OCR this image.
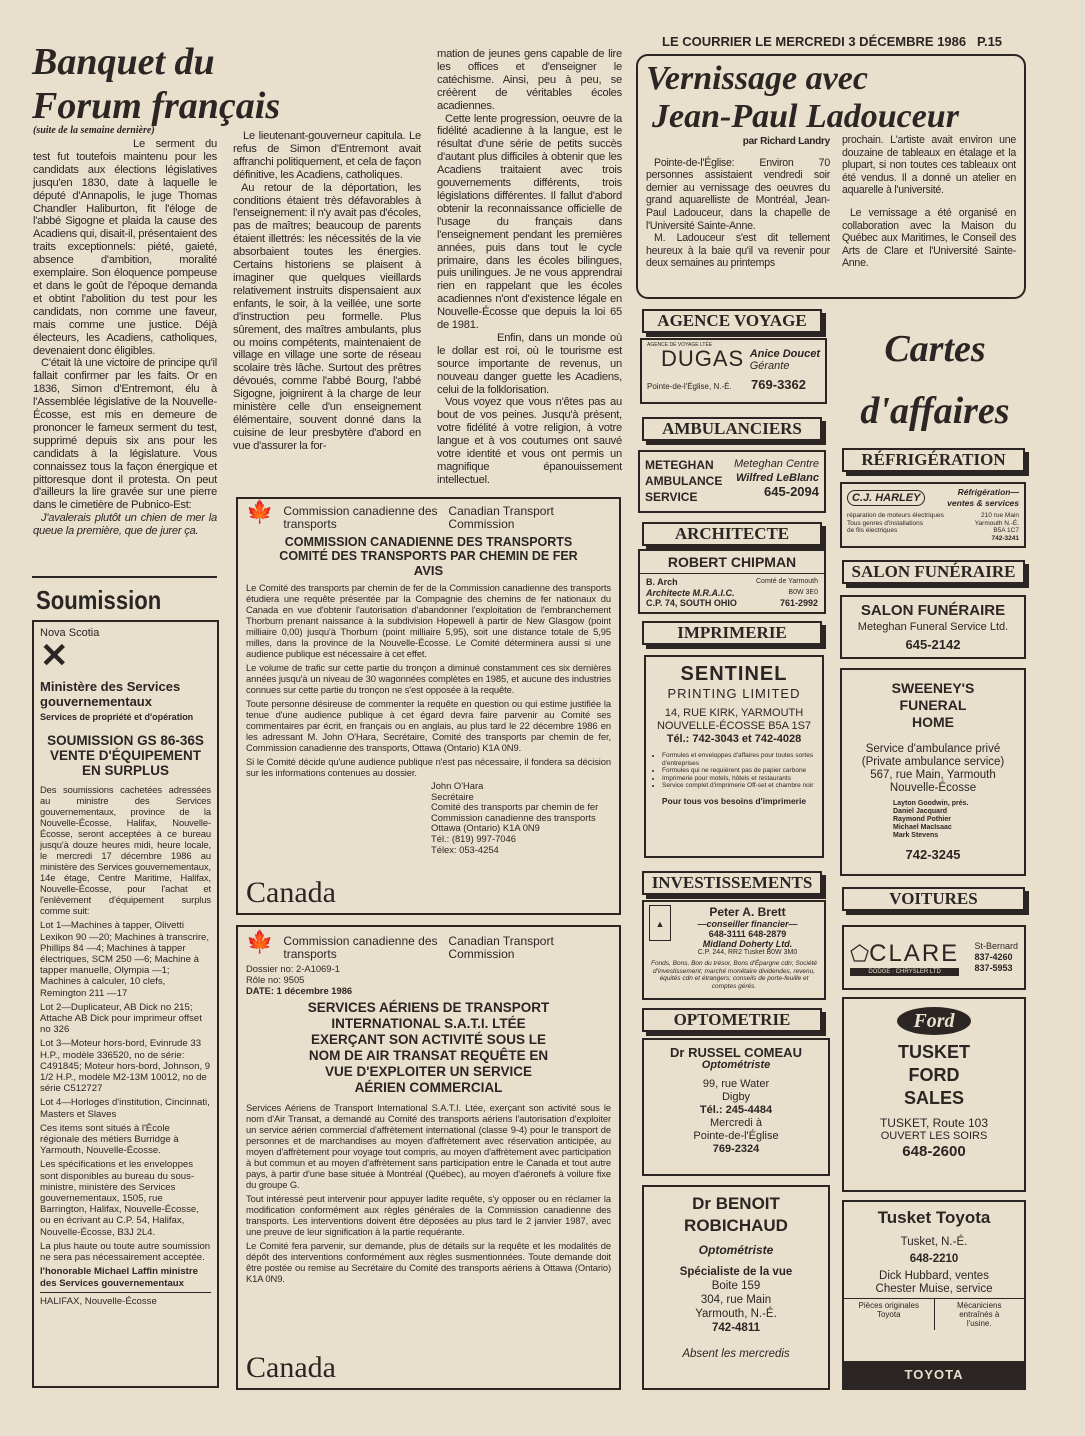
LE COURRIER LE MERCREDI 3 DÉCEMBRE 1986 P.15
Banquet du
Forum français
(suite de la semaine dernière)

Le serment du test fut toutefois maintenu pour les candidats aux élections législatives jusqu'en 1830, date à laquelle le député d'Annapolis, le juge Thomas Chandler Haliburton, fit l'éloge de l'abbé Sigogne et plaida la cause des Acadiens qui, disait-il, présentaient des traits exceptionnels: piété, gaieté, absence d'ambition, moralité exemplaire. Son éloquence pompeuse et dans le goût de l'époque demanda et obtint l'abolition du test pour les candidats, non comme une faveur, mais comme une justice. Déjà électeurs, les Acadiens, catholiques, devenaient donc éligibles.

C'était là une victoire de principe qu'il fallait confirmer par les faits. Or en 1836, Simon d'Entremont, élu à l'Assemblée législative de la Nouvelle-Écosse, est mis en demeure de prononcer le fameux serment du test, supprimé depuis six ans pour les candidats à la législature. Vous connaissez tous la façon énergique et pittoresque dont il protesta. On peut d'ailleurs la lire gravée sur une pierre dans le cimetière de Pubnico-Est:

J'avalerais plutôt un chien de mer la queue la première, que de jurer ça.

Le lieutenant-gouverneur capitula. Le refus de Simon d'Entremont avait affranchi politiquement, et cela de façon définitive, les Acadiens, catholiques.

Au retour de la déportation, les conditions étaient très défavorables à l'enseignement: il n'y avait pas d'écoles, pas de maîtres; beaucoup de parents étaient illettrés: les nécessités de la vie absorbaient toutes les énergies. Certains historiens se plaisent à imaginer que quelques vieillards relativement instruits dispensaient aux enfants, le soir, à la veillée, une sorte d'instruction peu formelle. Plus sûrement, des maîtres ambulants, plus ou moins compétents, maintenaient de village en village une sorte de réseau scolaire très lâche. Surtout des prêtres dévoués, comme l'abbé Bourg, l'abbé Sigogne, joignirent à la charge de leur ministère celle d'un enseignement élémentaire, souvent donné dans la cuisine de leur presbytère d'abord en vue d'assurer la for-

mation de jeunes gens capable de lire les offices et d'enseigner le catéchisme. Ainsi, peu à peu, se créèrent de véritables écoles acadiennes.

Cette lente progression, oeuvre de la fidélité acadienne à la langue, est le résultat d'une série de petits succès d'autant plus difficiles à obtenir que les Acadiens traitaient avec trois gouvernements différents, trois législations différentes. Il fallut d'abord obtenir la reconnaissance officielle de l'usage du français dans l'enseignement pendant les premières années, puis dans tout le cycle primaire, dans les écoles bilingues, puis unilingues. Je ne vous apprendrai rien en rappelant que les écoles acadiennes n'ont d'existence légale en Nouvelle-Écosse que depuis la loi 65 de 1981.

Enfin, dans un monde où le dollar est roi, où le tourisme est source importante de revenus, un nouveau danger guette les Acadiens, celui de la folklorisation.

Vous voyez que vous n'êtes pas au bout de vos peines. Jusqu'à présent, votre fidélité à votre religion, à votre langue et à vos coutumes ont sauvé votre identité et vous ont permis un magnifique épanouissement intellectuel.

Soumission
Nova Scotia
✕
Ministère des Services gouvernementaux
Services de propriété et d'opération
SOUMISSION GS 86-36S VENTE D'ÉQUIPEMENT EN SURPLUS
Des soumissions cachetées adressées au ministre des Services gouvernementaux, province de la Nouvelle-Écosse, Halifax, Nouvelle-Écosse, seront acceptées à ce bureau jusqu'à douze heures midi, heure locale, le mercredi 17 décembre 1986 au ministère des Services gouvernementaux, 14e étage, Centre Maritime, Halifax, Nouvelle-Écosse, pour l'achat et l'enlèvement d'équipement surplus comme suit:
Lot 1—Machines à tapper, Olivetti Lexikon 90 —20; Machines à transcrire, Phillips 84 —4; Machines à tapper électriques, SCM 250 —6; Machine à tapper manuelle, Olympia —1; Machines à calculer, 10 clefs, Remington 211 —17
Lot 2—Duplicateur, AB Dick no 215; Attache AB Dick pour imprimeur offset no 326
Lot 3—Moteur hors-bord, Evinrude 33 H.P., modèle 336520, no de série: C491845; Moteur hors-bord, Johnson, 9 1/2 H.P., modèle M2-13M 10012, no de série C512727
Lot 4—Horloges d'institution, Cincinnati, Masters et Slaves
Ces items sont situés à l'École régionale des métiers Burridge à Yarmouth, Nouvelle-Écosse.
Les spécifications et les enveloppes sont disponibles au bureau du sous-ministre, ministère des Services gouvernementaux, 1505, rue Barrington, Halifax, Nouvelle-Écosse, ou en écrivant au C.P. 54, Halifax, Nouvelle-Écosse, B3J 2L4.
La plus haute ou toute autre soumission ne sera pas nécessairement acceptée.
l'honorable Michael Laffin ministre des Services gouvernementaux
HALIFAX, Nouvelle-Écosse
🍁 Commission canadienne des transports
Canadian Transport Commission
COMMISSION CANADIENNE DES TRANSPORTS COMITÉ DES TRANSPORTS PAR CHEMIN DE FER
AVIS

Le Comité des transports par chemin de fer de la Commission canadienne des transports étudiera une requête présentée par la Compagnie des chemins de fer nationaux du Canada en vue d'obtenir l'autorisation d'abandonner l'exploitation de l'embranchement Thorburn prenant naissance à la subdivision Hopewell à partir de New Glasgow (point milliaire 0,00) jusqu'à Thorburn (point milliaire 5,95), soit une distance totale de 5,95 milles, dans la province de la Nouvelle-Écosse. Le Comité déterminera aussi si une audience publique est nécessaire à cet effet.

Le volume de trafic sur cette partie du tronçon a diminué constamment ces six dernières années jusqu'à un niveau de 30 wagonnées complètes en 1985, et aucune des industries connues sur cette partie du tronçon ne s'est opposée à la requête.

Toute personne désireuse de commenter la requête en question ou qui estime justifiée la tenue d'une audience publique à cet égard devra faire parvenir au Comité ses commentaires par écrit, en français ou en anglais, au plus tard le 22 décembre 1986 en les adressant M. John O'Hara, Secrétaire, Comité des transports par chemin de fer, Commission canadienne des transports, Ottawa (Ontario) K1A 0N9.

Si le Comité décide qu'une audience publique n'est pas nécessaire, il fondera sa décision sur les informations contenues au dossier.

John O'Hara
Secrétaire
Comité des transports par chemin de fer
Commission canadienne des transports
Ottawa (Ontario) K1A 0N9
Tél.: (819) 997-7046
Télex: 053-4254
Canada
🍁 Commission canadienne des transports
Canadian Transport Commission
Dossier no: 2-A1069-1
Rôle no: 9505
DATE: 1 décembre 1986
SERVICES AÉRIENS DE TRANSPORT INTERNATIONAL S.A.T.I. LTÉE EXERÇANT SON ACTIVITÉ SOUS LE NOM DE AIR TRANSAT REQUÊTE EN VUE D'EXPLOITER UN SERVICE AÉRIEN COMMERCIAL

Services Aériens de Transport International S.A.T.I. Ltée, exerçant son activité sous le nom d'Air Transat, a demandé au Comité des transports aériens l'autorisation d'exploiter un service aérien commercial d'affrètement international (classe 9-4) pour le transport de personnes et de marchandises au moyen d'affrètement avec réservation anticipée, au moyen d'affrètement pour voyage tout compris, au moyen d'affrètement avec participation à but commun et au moyen d'affrètement sans participation entre le Canada et tout autre pays, à partir d'une base située à Montréal (Québec), au moyen d'aéronefs à voilure fixe du groupe G.

Tout intéressé peut intervenir pour appuyer ladite requête, s'y opposer ou en réclamer la modification conformément aux règles générales de la Commission canadienne des transports. Les interventions doivent être déposées au plus tard le 2 janvier 1987, avec une preuve de leur signification à la partie requérante.

Le Comité fera parvenir, sur demande, plus de détails sur la requête et les modalités de dépôt des interventions conformément aux règles susmentionnées. Toute demande doit être postée ou remise au Secrétaire du Comité des transports aériens à Ottawa (Ontario) K1A 0N9.

Canada
Vernissage avec
Jean-Paul Ladouceur
par Richard Landry

Pointe-de-l'Église: Environ 70 personnes assistaient vendredi soir dernier au vernissage des oeuvres du grand aquarelliste de Montréal, Jean-Paul Ladouceur, dans la chapelle de l'Université Sainte-Anne.

M. Ladouceur s'est dit tellement heureux à la baie qu'il va revenir pour deux semaines au printemps

prochain. L'artiste avait environ une douzaine de tableaux en étalage et la plupart, si non toutes ces tableaux ont été vendus. Il a donné un atelier en aquarelle à l'université.

Le vernissage a été organisé en collaboration avec la Maison du Québec aux Maritimes, le Conseil des Arts de Clare et l'Université Sainte-Anne.

Cartes
d'affaires
AGENCE VOYAGE
AMBULANCIERS
ARCHITECTE
IMPRIMERIE
INVESTISSEMENTS
OPTOMETRIE
RÉFRIGÉRATION
SALON FUNÉRAIRE
VOITURES
AGENCE DE VOYAGE LTÉE
DUGAS Anice Doucet
Gérante
Pointe-de-l'Église, N.-É. 769-3362
METEGHAN AMBULANCE SERVICE
Meteghan Centre
Wilfred LeBlanc
645-2094
ROBERT CHIPMAN
B. Arch
Architecte M.R.A.I.C.
C.P. 74, SOUTH OHIO
Comté de Yarmouth
B0W 3E0
761-2992
SENTINEL
PRINTING LIMITED
14, RUE KIRK, YARMOUTH
NOUVELLE-ÉCOSSE B5A 1S7
Tél.: 742-3043 et 742-4028
• Formules et enveloppes d'affaires pour toutes sortes d'entreprises
• Formules qui ne requièrent pas de papier carbone
• Imprimerie pour motels, hôtels et restaurants
• Service complet d'imprimerie Off-set et chambre noir
Pour tous vos besoins d'imprimerie
▲
Peter A. Brett
—conseiller financier—
648-3111 648-2879
Midland Doherty Ltd.
C.P. 244, RR2 Tusket B0W 3M0
Fonds, Bons, Bon du trésor, Bons d'Épargne cdn; Société d'investissement; marché monétaire dividendes, revenu, équités cdn et étrangers; conseils de porte-feuille et comptes gérés.
Dr RUSSEL COMEAU
Optométriste
99, rue Water
Digby
Tél.: 245-4484
Mercredi à
Pointe-de-l'Église
769-2324
Dr BENOIT ROBICHAUD
Optométriste
Spécialiste de la vue
Boite 159
304, rue Main
Yarmouth, N.-É.
742-4811
Absent les mercredis
C.J. HARLEY	Réfrigération— ventes & services
réparation de moteurs électriques
Tous genres d'installations de fils électriques
210 rue Main Yarmouth N.-É. B5A 1C7
742-3241
SALON FUNÉRAIRE
Meteghan Funeral Service Ltd.
645-2142
SWEENEY'S FUNERAL HOME
Service d'ambulance privé
(Private ambulance service)
567, rue Main, Yarmouth
Nouvelle-Écosse
Layton Goodwin, prés.
Daniel Jacquard
Raymond Pothier
Michael MacIsaac
Mark Stevens
742-3245
⬠CLARE
DODGE · CHRYSLER LTD
St-Bernard
837-4260
837-5953
Ford
TUSKET FORD SALES
TUSKET, Route 103
OUVERT LES SOIRS
648-2600
Tusket Toyota
Tusket, N.-É.
648-2210
Dick Hubbard, ventes
Chester Muise, service
Pièces originales Toyota
Mécaniciens entraînés à l'usine.
TOYOTA
